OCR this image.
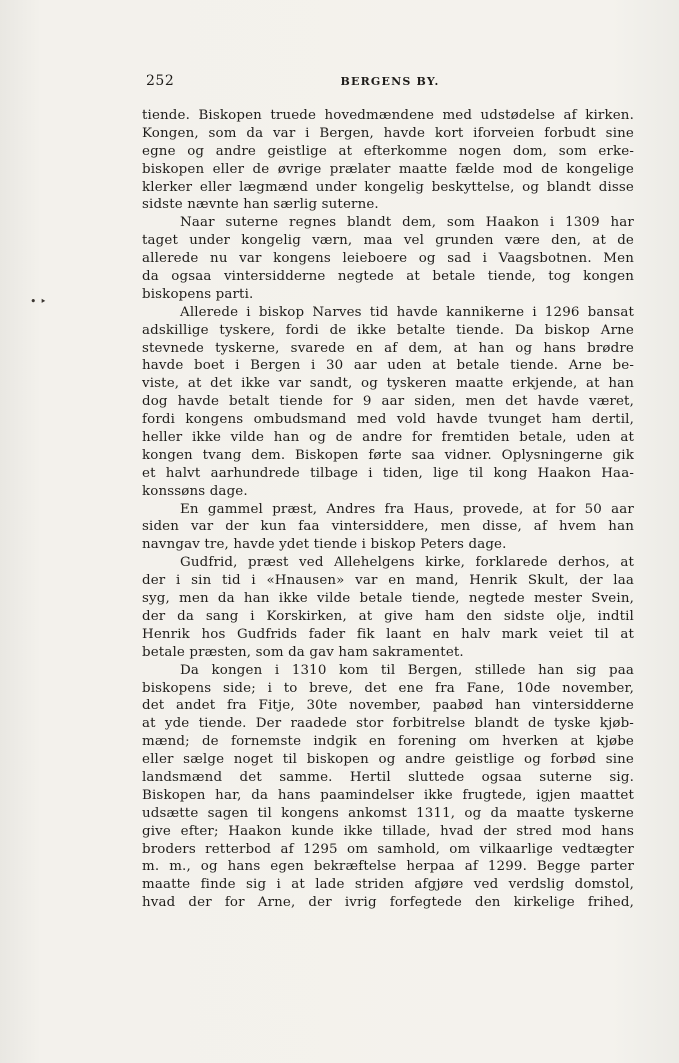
252	BERGENS BY.
• ‣
tiende. Biskopen truede hovedmændene med udstødelse af kirken.
Kongen, som da var i Bergen, havde kort iforveien forbudt sine
egne og andre geistlige at efterkomme nogen dom, som erke-
biskopen eller de øvrige prælater maatte fælde mod de kongelige
klerker eller lægmænd under kongelig beskyttelse, og blandt disse
sidste nævnte han særlig suterne.
Naar suterne regnes blandt dem, som Haakon i 1309 har
taget under kongelig værn, maa vel grunden være den, at de
allerede nu var kongens leieboere og sad i Vaagsbotnen. Men
da ogsaa vintersidderne negtede at betale tiende, tog kongen
biskopens parti.
Allerede i biskop Narves tid havde kannikerne i 1296 bansat
adskillige tyskere, fordi de ikke betalte tiende. Da biskop Arne
stevnede tyskerne, svarede en af dem, at han og hans brødre
havde boet i Bergen i 30 aar uden at betale tiende. Arne be-
viste, at det ikke var sandt, og tyskeren maatte erkjende, at han
dog havde betalt tiende for 9 aar siden, men det havde været,
fordi kongens ombudsmand med vold havde tvunget ham dertil,
heller ikke vilde han og de andre for fremtiden betale, uden at
kongen tvang dem. Biskopen førte saa vidner. Oplysningerne gik
et halvt aarhundrede tilbage i tiden, lige til kong Haakon Haa-
konssøns dage.
En gammel præst, Andres fra Haus, provede, at for 50 aar
siden var der kun faa vintersiddere, men disse, af hvem han
navngav tre, havde ydet tiende i biskop Peters dage.
Gudfrid, præst ved Allehelgens kirke, forklarede derhos, at
der i sin tid i «Hnausen» var en mand, Henrik Skult, der laa
syg, men da han ikke vilde betale tiende, negtede mester Svein,
der da sang i Korskirken, at give ham den sidste olje, indtil
Henrik hos Gudfrids fader fik laant en halv mark veiet til at
betale præsten, som da gav ham sakramentet.
Da kongen i 1310 kom til Bergen, stillede han sig paa
biskopens side; i to breve, det ene fra Fane, 10de november,
det andet fra Fitje, 30te november, paabød han vintersidderne
at yde tiende. Der raadede stor forbitrelse blandt de tyske kjøb-
mænd; de fornemste indgik en forening om hverken at kjøbe
eller sælge noget til biskopen og andre geistlige og forbød sine
landsmænd det samme. Hertil sluttede ogsaa suterne sig.
Biskopen har, da hans paamindelser ikke frugtede, igjen maattet
udsætte sagen til kongens ankomst 1311, og da maatte tyskerne
give efter; Haakon kunde ikke tillade, hvad der stred mod hans
broders retterbod af 1295 om samhold, om vilkaarlige vedtægter
m. m., og hans egen bekræftelse herpaa af 1299. Begge parter
maatte finde sig i at lade striden afgjøre ved verdslig domstol,
hvad der for Arne, der ivrig forfegtede den kirkelige frihed,
